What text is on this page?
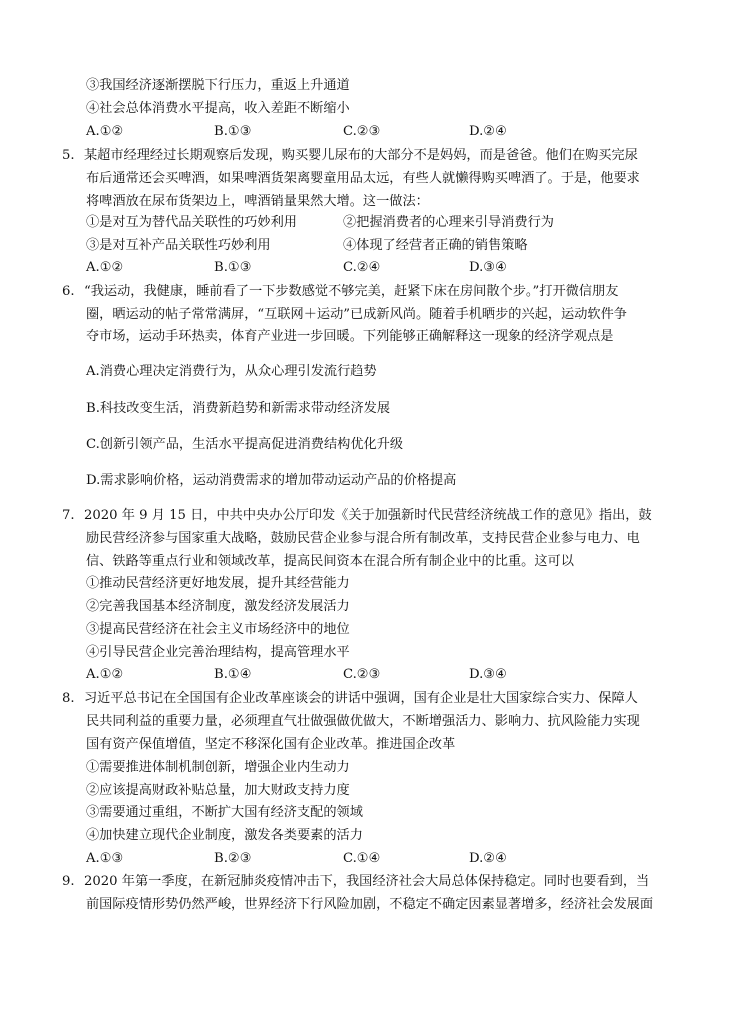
③我国经济逐渐摆脱下行压力，重返上升通道
④社会总体消费水平提高，收入差距不断缩小
A.①②	B.①③	C.②③	D.②④
5. 某超市经理经过长期观察后发现，购买婴儿尿布的大部分不是妈妈，而是爸爸。他们在购买完尿
布后通常还会买啤酒，如果啤酒货架离婴童用品太远，有些人就懒得购买啤酒了。于是，他要求
将啤酒放在尿布货架边上，啤酒销量果然大增。这一做法：
①是对互为替代品关联性的巧妙利用	②把握消费者的心理来引导消费行为
③是对互补产品关联性巧妙利用	④体现了经营者正确的销售策略
A.①②	B.①③	C.②④	D.③④
6. “我运动，我健康，睡前看了一下步数感觉不够完美，赶紧下床在房间散个步。”打开微信朋友
圈，晒运动的帖子常常满屏，“互联网＋运动”已成新风尚。随着手机晒步的兴起，运动软件争
夺市场，运动手环热卖，体育产业进一步回暖。下列能够正确解释这一现象的经济学观点是
A.消费心理决定消费行为，从众心理引发流行趋势
B.科技改变生活，消费新趋势和新需求带动经济发展
C.创新引领产品，生活水平提高促进消费结构优化升级
D.需求影响价格，运动消费需求的增加带动运动产品的价格提高
7. 2020 年 9 月 15 日，中共中央办公厅印发《关于加强新时代民营经济统战工作的意见》指出，鼓
励民营经济参与国家重大战略，鼓励民营企业参与混合所有制改革，支持民营企业参与电力、电
信、铁路等重点行业和领域改革，提高民间资本在混合所有制企业中的比重。这可以
①推动民营经济更好地发展，提升其经营能力
②完善我国基本经济制度，激发经济发展活力
③提高民营经济在社会主义市场经济中的地位
④引导民营企业完善治理结构，提高管理水平
A.①②	B.①④	C.②③	D.③④
8. 习近平总书记在全国国有企业改革座谈会的讲话中强调，国有企业是壮大国家综合实力、保障人
民共同利益的重要力量，必须理直气壮做强做优做大，不断增强活力、影响力、抗风险能力实现
国有资产保值增值，坚定不移深化国有企业改革。推进国企改革
①需要推进体制机制创新，增强企业内生动力
②应该提高财政补贴总量，加大财政支持力度
③需要通过重组，不断扩大国有经济支配的领域
④加快建立现代企业制度，激发各类要素的活力
A.①③	B.②③	C.①④	D.②④
9. 2020 年第一季度，在新冠肺炎疫情冲击下，我国经济社会大局总体保持稳定。同时也要看到，当
前国际疫情形势仍然严峻，世界经济下行风险加剧，不稳定不确定因素显著增多，经济社会发展面
